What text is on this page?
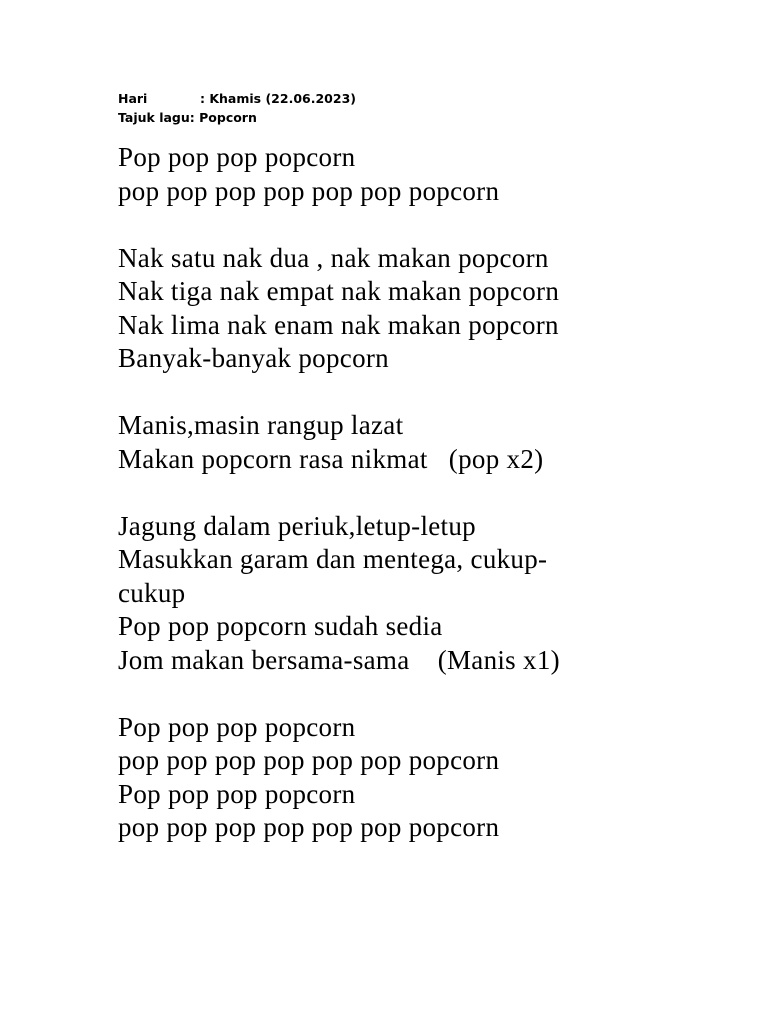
Hari	: Khamis (22.06.2023)
Tajuk lagu : Popcorn
Pop pop pop popcorn
pop pop pop pop pop pop popcorn
Nak satu nak dua , nak makan popcorn
Nak tiga nak empat nak makan popcorn
Nak lima nak enam nak makan popcorn
Banyak-banyak popcorn
Manis,masin rangup lazat
Makan popcorn rasa nikmat   (pop x2)
Jagung dalam periuk,letup-letup
Masukkan garam dan mentega, cukup-
cukup
Pop pop popcorn sudah sedia
Jom makan bersama-sama    (Manis x1)
Pop pop pop popcorn
pop pop pop pop pop pop popcorn
Pop pop pop popcorn
pop pop pop pop pop pop popcorn
